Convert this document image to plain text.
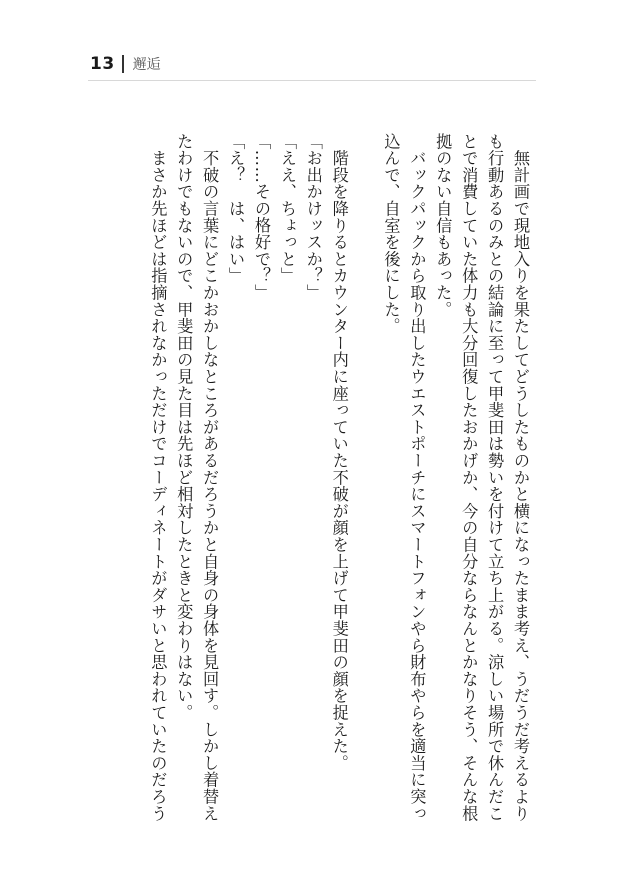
13 邂逅
　無計画で現地入りを果たしてどうしたものかと横になったまま考え、うだうだ考えるより
も行動あるのみとの結論に至って甲斐田は勢いを付けて立ち上がる。涼しい場所で休んだこ
とで消費していた体力も大分回復したおかげか、今の自分ならなんとかなりそう、そんな根
拠のない自信もあった。
　バックパックから取り出したウエストポーチにスマートフォンやら財布やらを適当に突っ
込んで、自室を後にした。
　階段を降りるとカウンター内に座っていた不破が顔を上げて甲斐田の顔を捉えた。
「お出かけッスか？」
「ええ、ちょっと」
「……その格好で？」
「え？　は、はい」
　不破の言葉にどこかおかしなところがあるだろうかと自身の身体を見回す。しかし着替え
たわけでもないので、甲斐田の見た目は先ほど相対したときと変わりはない。
　まさか先ほどは指摘されなかっただけでコーディネートがダサいと思われていたのだろう
